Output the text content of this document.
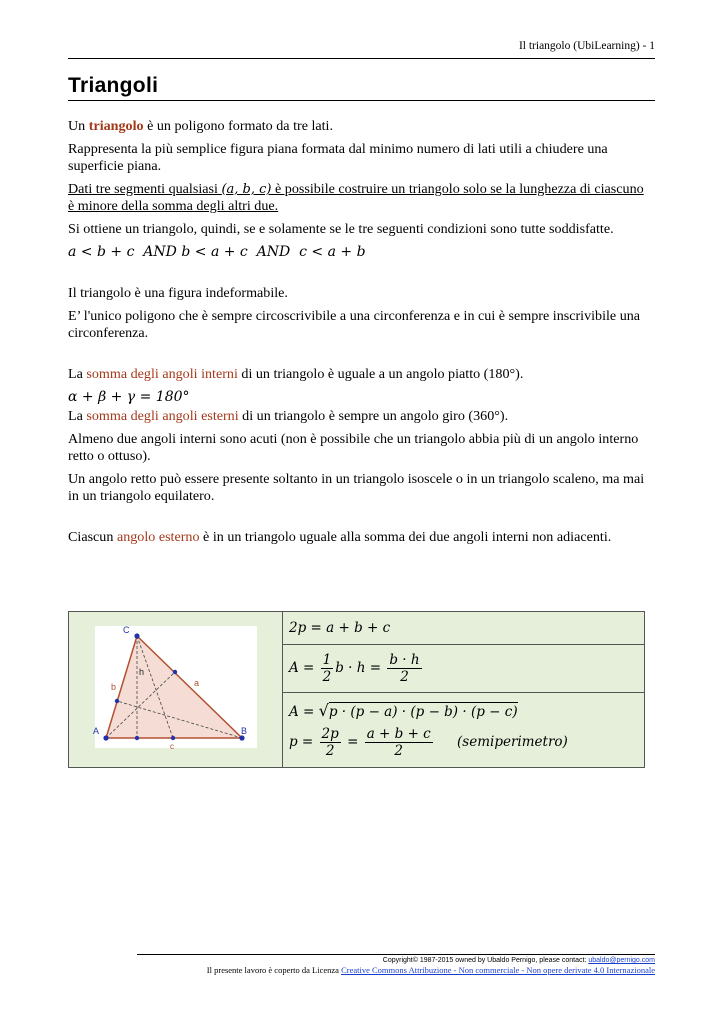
Il triangolo (UbiLearning) - 1
Triangoli

Un triangolo è un poligono formato da tre lati.

Rappresenta la più semplice figura piana formata dal minimo numero di lati utili a chiudere una superficie piana.

Dati tre segmenti qualsiasi (a, b, c) è possibile costruire un triangolo solo se la lunghezza di ciascuno è minore della somma degli altri due.

Si ottiene un triangolo, quindi, se e solamente se le tre seguenti condizioni sono tutte soddisfatte.

a < b + c  AND b < a + c  AND  c < a + b

Il triangolo è una figura indeformabile.

E’ l'unico poligono che è sempre circoscrivibile a una circonferenza e in cui è sempre inscrivibile una circonferenza.

La somma degli angoli interni di un triangolo è uguale a un angolo piatto (180°).

α + β + γ = 180°

La somma degli angoli esterni di un triangolo è sempre un angolo giro (360°).

Almeno due angoli interni sono acuti (non è possibile che un triangolo abbia più di un angolo interno retto o ottuso).

Un angolo retto può essere presente soltanto in un triangolo isoscele o in un triangolo scaleno, ma mai in un triangolo equilatero.

Ciascun angolo esterno è in un triangolo uguale alla somma dei due angoli interni non adiacenti.

C
A	B
a
b
c
h
	2p = a + b + c
$A = \frac{1}{2}$ $b \cdot h = \frac{b \cdot h}{2}$

A = √p · (p − a) · (p − b) · (p − c)
$p = \frac{2p}{2} = \frac{a + b + c}{2}$ (semiperimetro)
Copyright© 1987-2015 owned by Ubaldo Pernigo, please contact: ubaldo@pernigo.com
Il presente lavoro è coperto da Licenza Creative Commons Attribuzione - Non commerciale - Non opere derivate 4.0 Internazionale
